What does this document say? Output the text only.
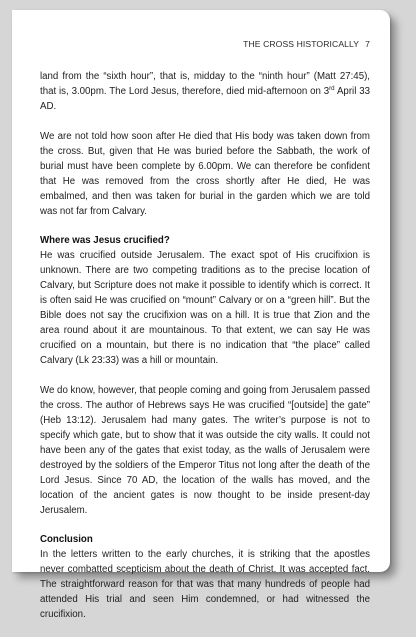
THE CROSS HISTORICALLY 7

land from the “sixth hour”, that is, midday to the “ninth hour” (Matt 27:45), that is, 3.00pm. The Lord Jesus, therefore, died mid-afternoon on 3rd April 33 AD.

We are not told how soon after He died that His body was taken down from the cross. But, given that He was buried before the Sabbath, the work of burial must have been complete by 6.00pm. We can therefore be confident that He was removed from the cross shortly after He died, He was embalmed, and then was taken for burial in the garden which we are told was not far from Calvary.

Where was Jesus crucified?

He was crucified outside Jerusalem. The exact spot of His crucifixion is unknown. There are two competing traditions as to the precise location of Calvary, but Scripture does not make it possible to identify which is correct. It is often said He was crucified on “mount” Calvary or on a “green hill”. But the Bible does not say the crucifixion was on a hill. It is true that Zion and the area round about it are mountainous. To that extent, we can say He was crucified on a mountain, but there is no indication that “the place” called Calvary (Lk 23:33) was a hill or mountain.

We do know, however, that people coming and going from Jerusalem passed the cross. The author of Hebrews says He was crucified “[outside] the gate” (Heb 13:12). Jerusalem had many gates. The writer’s purpose is not to specify which gate, but to show that it was outside the city walls. It could not have been any of the gates that exist today, as the walls of Jerusalem were destroyed by the soldiers of the Emperor Titus not long after the death of the Lord Jesus. Since 70 AD, the location of the walls has moved, and the location of the ancient gates is now thought to be inside present-day Jerusalem.

Conclusion

In the letters written to the early churches, it is striking that the apostles never combatted scepticism about the death of Christ. It was accepted fact. The straightforward reason for that was that many hundreds of people had attended His trial and seen Him condemned, or had witnessed the crucifixion.
